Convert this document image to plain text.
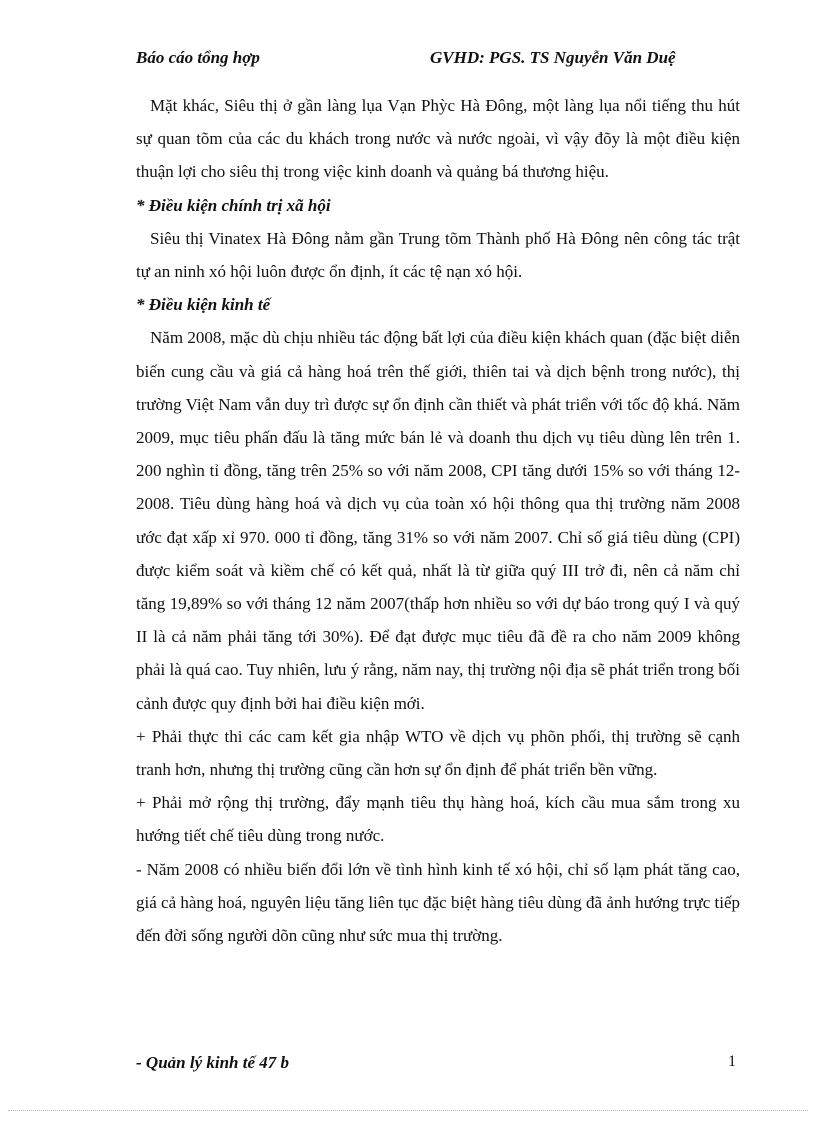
Báo cáo tổng hợp	GVHD: PGS. TS Nguyễn Văn Duệ

Mặt khác, Siêu thị ở gần làng lụa Vạn Phỳc Hà Đông, một làng lụa nổi tiếng thu hút sự quan tõm của các du khách trong nước và nước ngoài, vì vậy đõy là một điều kiện thuận lợi cho siêu thị trong việc kinh doanh và quảng bá thương hiệu.

* Điều kiện chính trị xã hội

Siêu thị Vinatex Hà Đông nằm gần Trung tõm Thành phố Hà Đông nên công tác trật tự an ninh xó hội luôn được ổn định, ít các tệ nạn xó hội.

* Điều kiện kinh tế

Năm 2008, mặc dù chịu nhiều tác động bất lợi của điều kiện khách quan (đặc biệt diễn biến cung cầu và giá cả hàng hoá trên thế giới, thiên tai và dịch bệnh trong nước), thị trường Việt Nam vẫn duy trì được sự ổn định cần thiết và phát triển với tốc độ khá. Năm 2009, mục tiêu phấn đấu là tăng mức bán lẻ và doanh thu dịch vụ tiêu dùng lên trên 1. 200 nghìn tỉ đồng, tăng trên 25% so với năm 2008, CPI tăng dưới 15% so với tháng 12-2008. Tiêu dùng hàng hoá và dịch vụ của toàn xó hội thông qua thị trường năm 2008 ước đạt xấp xỉ 970. 000 tỉ đồng, tăng 31% so với năm 2007. Chỉ số giá tiêu dùng (CPI) được kiểm soát và kiềm chế có kết quả, nhất là từ giữa quý III trở đi, nên cả năm chỉ tăng 19,89% so với tháng 12 năm 2007(thấp hơn nhiều so với dự báo trong quý I và quý II là cả năm phải tăng tới 30%). Để đạt được mục tiêu đã đề ra cho năm 2009 không phải là quá cao. Tuy nhiên, lưu ý rằng, năm nay, thị trường nội địa sẽ phát triển trong bối cảnh được quy định bởi hai điều kiện mới.

+ Phải thực thi các cam kết gia nhập WTO về dịch vụ phõn phối, thị trường sẽ cạnh tranh hơn, nhưng thị trường cũng cần hơn sự ổn định để phát triển bền vững.

+ Phải mở rộng thị trường, đẩy mạnh tiêu thụ hàng hoá, kích cầu mua sắm trong xu hướng tiết chế tiêu dùng trong nước.

- Năm 2008 có nhiều biến đổi lớn về tình hình kinh tế xó hội, chỉ số lạm phát tăng cao, giá cả hàng hoá, nguyên liệu tăng liên tục đặc biệt hàng tiêu dùng đã ảnh hướng trực tiếp đến đời sống người dõn cũng như sức mua thị trường.

- Quản lý kinh tế 47 b	1
